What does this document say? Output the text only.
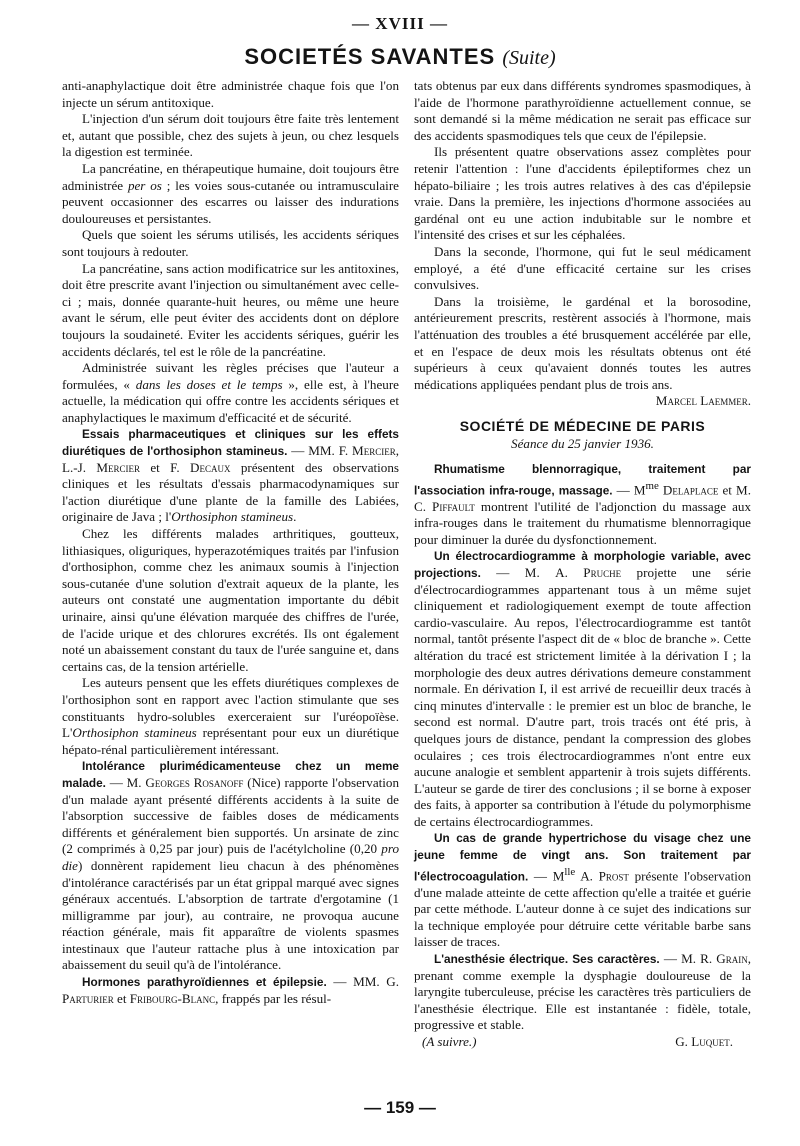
— XVIII —
SOCIETÉS SAVANTES (Suite)

anti-anaphylactique doit être administrée chaque fois que l'on injecte un sérum antitoxique.

L'injection d'un sérum doit toujours être faite très lentement et, autant que possible, chez des sujets à jeun, ou chez lesquels la digestion est terminée.

La pancréatine, en thérapeutique humaine, doit toujours être administrée per os ; les voies sous-cutanée ou intramusculaire peuvent occasionner des escarres ou laisser des indurations douloureuses et persistantes.

Quels que soient les sérums utilisés, les accidents sériques sont toujours à redouter.

La pancréatine, sans action modificatrice sur les antitoxines, doit être prescrite avant l'injection ou simultanément avec celle-ci ; mais, donnée quarante-huit heures, ou même une heure avant le sérum, elle peut éviter des accidents dont on déplore toujours la soudaineté. Eviter les accidents sériques, guérir les accidents déclarés, tel est le rôle de la pancréatine.

Administrée suivant les règles précises que l'auteur a formulées, « dans les doses et le temps », elle est, à l'heure actuelle, la médication qui offre contre les accidents sériques et anaphylactiques le maximum d'efficacité et de sécurité.

Essais pharmaceutiques et cliniques sur les effets diurétiques de l'orthosiphon stamineus. — MM. F. Mercier, L.-J. Mercier et F. Decaux présentent des observations cliniques et les résultats d'essais pharmacodynamiques sur l'action diurétique d'une plante de la famille des Labiées, originaire de Java ; l'Orthosiphon stamineus.

Chez les différents malades arthritiques, goutteux, lithiasiques, oliguriques, hyperazotémiques traités par l'infusion d'orthosiphon, comme chez les animaux soumis à l'injection sous-cutanée d'une solution d'extrait aqueux de la plante, les auteurs ont constaté une augmentation importante du débit urinaire, ainsi qu'une élévation marquée des chiffres de l'urée, de l'acide urique et des chlorures excrétés. Ils ont également noté un abaissement constant du taux de l'urée sanguine et, dans certains cas, de la tension artérielle.

Les auteurs pensent que les effets diurétiques complexes de l'orthosiphon sont en rapport avec l'action stimulante que ses constituants hydro-solubles exerceraient sur l'uréopoïèse. L'Orthosiphon stamineus représentant pour eux un diurétique hépato-rénal particulièrement intéressant.

Intolérance plurimédicamenteuse chez un meme malade. — M. Georges Rosanoff (Nice) rapporte l'observation d'un malade ayant présenté différents accidents à la suite de l'absorption successive de faibles doses de médicaments différents et généralement bien supportés. Un arsinate de zinc (2 comprimés à 0,25 par jour) puis de l'acétylcholine (0,20 pro die) donnèrent rapidement lieu chacun à des phénomènes d'intolérance caractérisés par un état grippal marqué avec signes généraux accentués. L'absorption de tartrate d'ergotamine (1 milligramme par jour), au contraire, ne provoqua aucune réaction générale, mais fit apparaître de violents spasmes intestinaux que l'auteur rattache plus à une intoxication par abaissement du seuil qu'à de l'intolérance.

Hormones parathyroïdiennes et épilepsie. — MM. G. Parturier et Fribourg-Blanc, frappés par les résul-

tats obtenus par eux dans différents syndromes spasmodiques, à l'aide de l'hormone parathyroïdienne actuellement connue, se sont demandé si la même médication ne serait pas efficace sur des accidents spasmodiques tels que ceux de l'épilepsie.

Ils présentent quatre observations assez complètes pour retenir l'attention : l'une d'accidents épileptiformes chez un hépato-biliaire ; les trois autres relatives à des cas d'épilepsie vraie. Dans la première, les injections d'hormone associées au gardénal ont eu une action indubitable sur le nombre et l'intensité des crises et sur les céphalées.

Dans la seconde, l'hormone, qui fut le seul médicament employé, a été d'une efficacité certaine sur les crises convulsives.

Dans la troisième, le gardénal et la borosodine, antérieurement prescrits, restèrent associés à l'hormone, mais l'atténuation des troubles a été brusquement accélérée par elle, et en l'espace de deux mois les résultats obtenus ont été supérieurs à ceux qu'avaient donnés toutes les autres médications appliquées pendant plus de trois ans.

Marcel Laemmer.
SOCIÉTÉ DE MÉDECINE DE PARIS
Séance du 25 janvier 1936.

Rhumatisme blennorragique, traitement par l'association infra-rouge, massage. — $M^{me}$ Delaplace et M. C. Piffault montrent l'utilité de l'adjonction du massage aux infra-rouges dans le traitement du rhumatisme blennorragique pour diminuer la durée du dysfonctionnement.

Un électrocardiogramme à morphologie variable, avec projections. — M. A. Pruche projette une série d'électrocardiogrammes appartenant tous à un même sujet cliniquement et radiologiquement exempt de toute affection cardio-vasculaire. Au repos, l'électrocardiogramme est tantôt normal, tantôt présente l'aspect dit de « bloc de branche ». Cette altération du tracé est strictement limitée à la dérivation I ; la morphologie des deux autres dérivations demeure constamment normale. En dérivation I, il est arrivé de recueillir deux tracés à cinq minutes d'intervalle : le premier est un bloc de branche, le second est normal. D'autre part, trois tracés ont été pris, à quelques jours de distance, pendant la compression des globes oculaires ; ces trois électrocardiogrammes n'ont entre eux aucune analogie et semblent appartenir à trois sujets différents. L'auteur se garde de tirer des conclusions ; il se borne à exposer des faits, à apporter sa contribution à l'étude du polymorphisme de certains électrocardiogrammes.

Un cas de grande hypertrichose du visage chez une jeune femme de vingt ans. Son traitement par l'électrocoagulation. — $M^{lle}$ A. Prost présente l'observation d'une malade atteinte de cette affection qu'elle a traitée et guérie par cette méthode. L'auteur donne à ce sujet des indications sur la technique employée pour détruire cette véritable barbe sans laisser de traces.

L'anesthésie électrique. Ses caractères. — M. R. Grain, prenant comme exemple la dysphagie douloureuse de la laryngite tuberculeuse, précise les caractères très particuliers de l'anesthésie électrique. Elle est instantanée : fidèle, totale, progressive et stable.

(A suivre.)	G. Luquet.
— 159 —
